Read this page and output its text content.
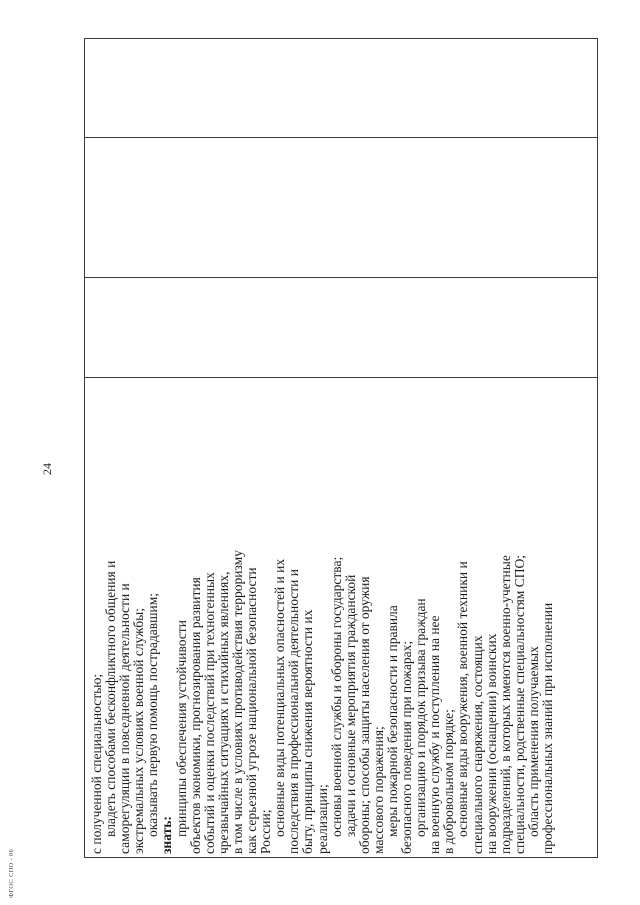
ФГОС СПО - 06
24
с полученной специальностью; владеть способами бесконфликтного общения и саморегуляции в повседневной деятельности и экстремальных условиях военной службы; оказывать первую помощь пострадавшим; знать: принципы обеспечения устойчивости объектов экономики, прогнозирования развития событий и оценки последствий при техногенных чрезвычайных ситуациях и стихийных явлениях, в том числе в условиях противодействия терроризму как серьезной угрозе национальной безопасности России; основные виды потенциальных опасностей и их последствия в профессиональной деятельности и быту, принципы снижения вероятности их реализации; основы военной службы и обороны государства; задачи и основные мероприятия гражданской обороны; способы защиты населения от оружия массового поражения; меры пожарной безопасности и правила безопасного поведения при пожарах; организацию и порядок призыва граждан на военную службу и поступления на нее в добровольном порядке; основные виды вооружения, военной техники и специального снаряжения, состоящих на вооружении (оснащении) воинских подразделений, в которых имеются военно-учетные специальности, родственные специальностям СПО; область применения получаемых профессиональных знаний при исполнении
